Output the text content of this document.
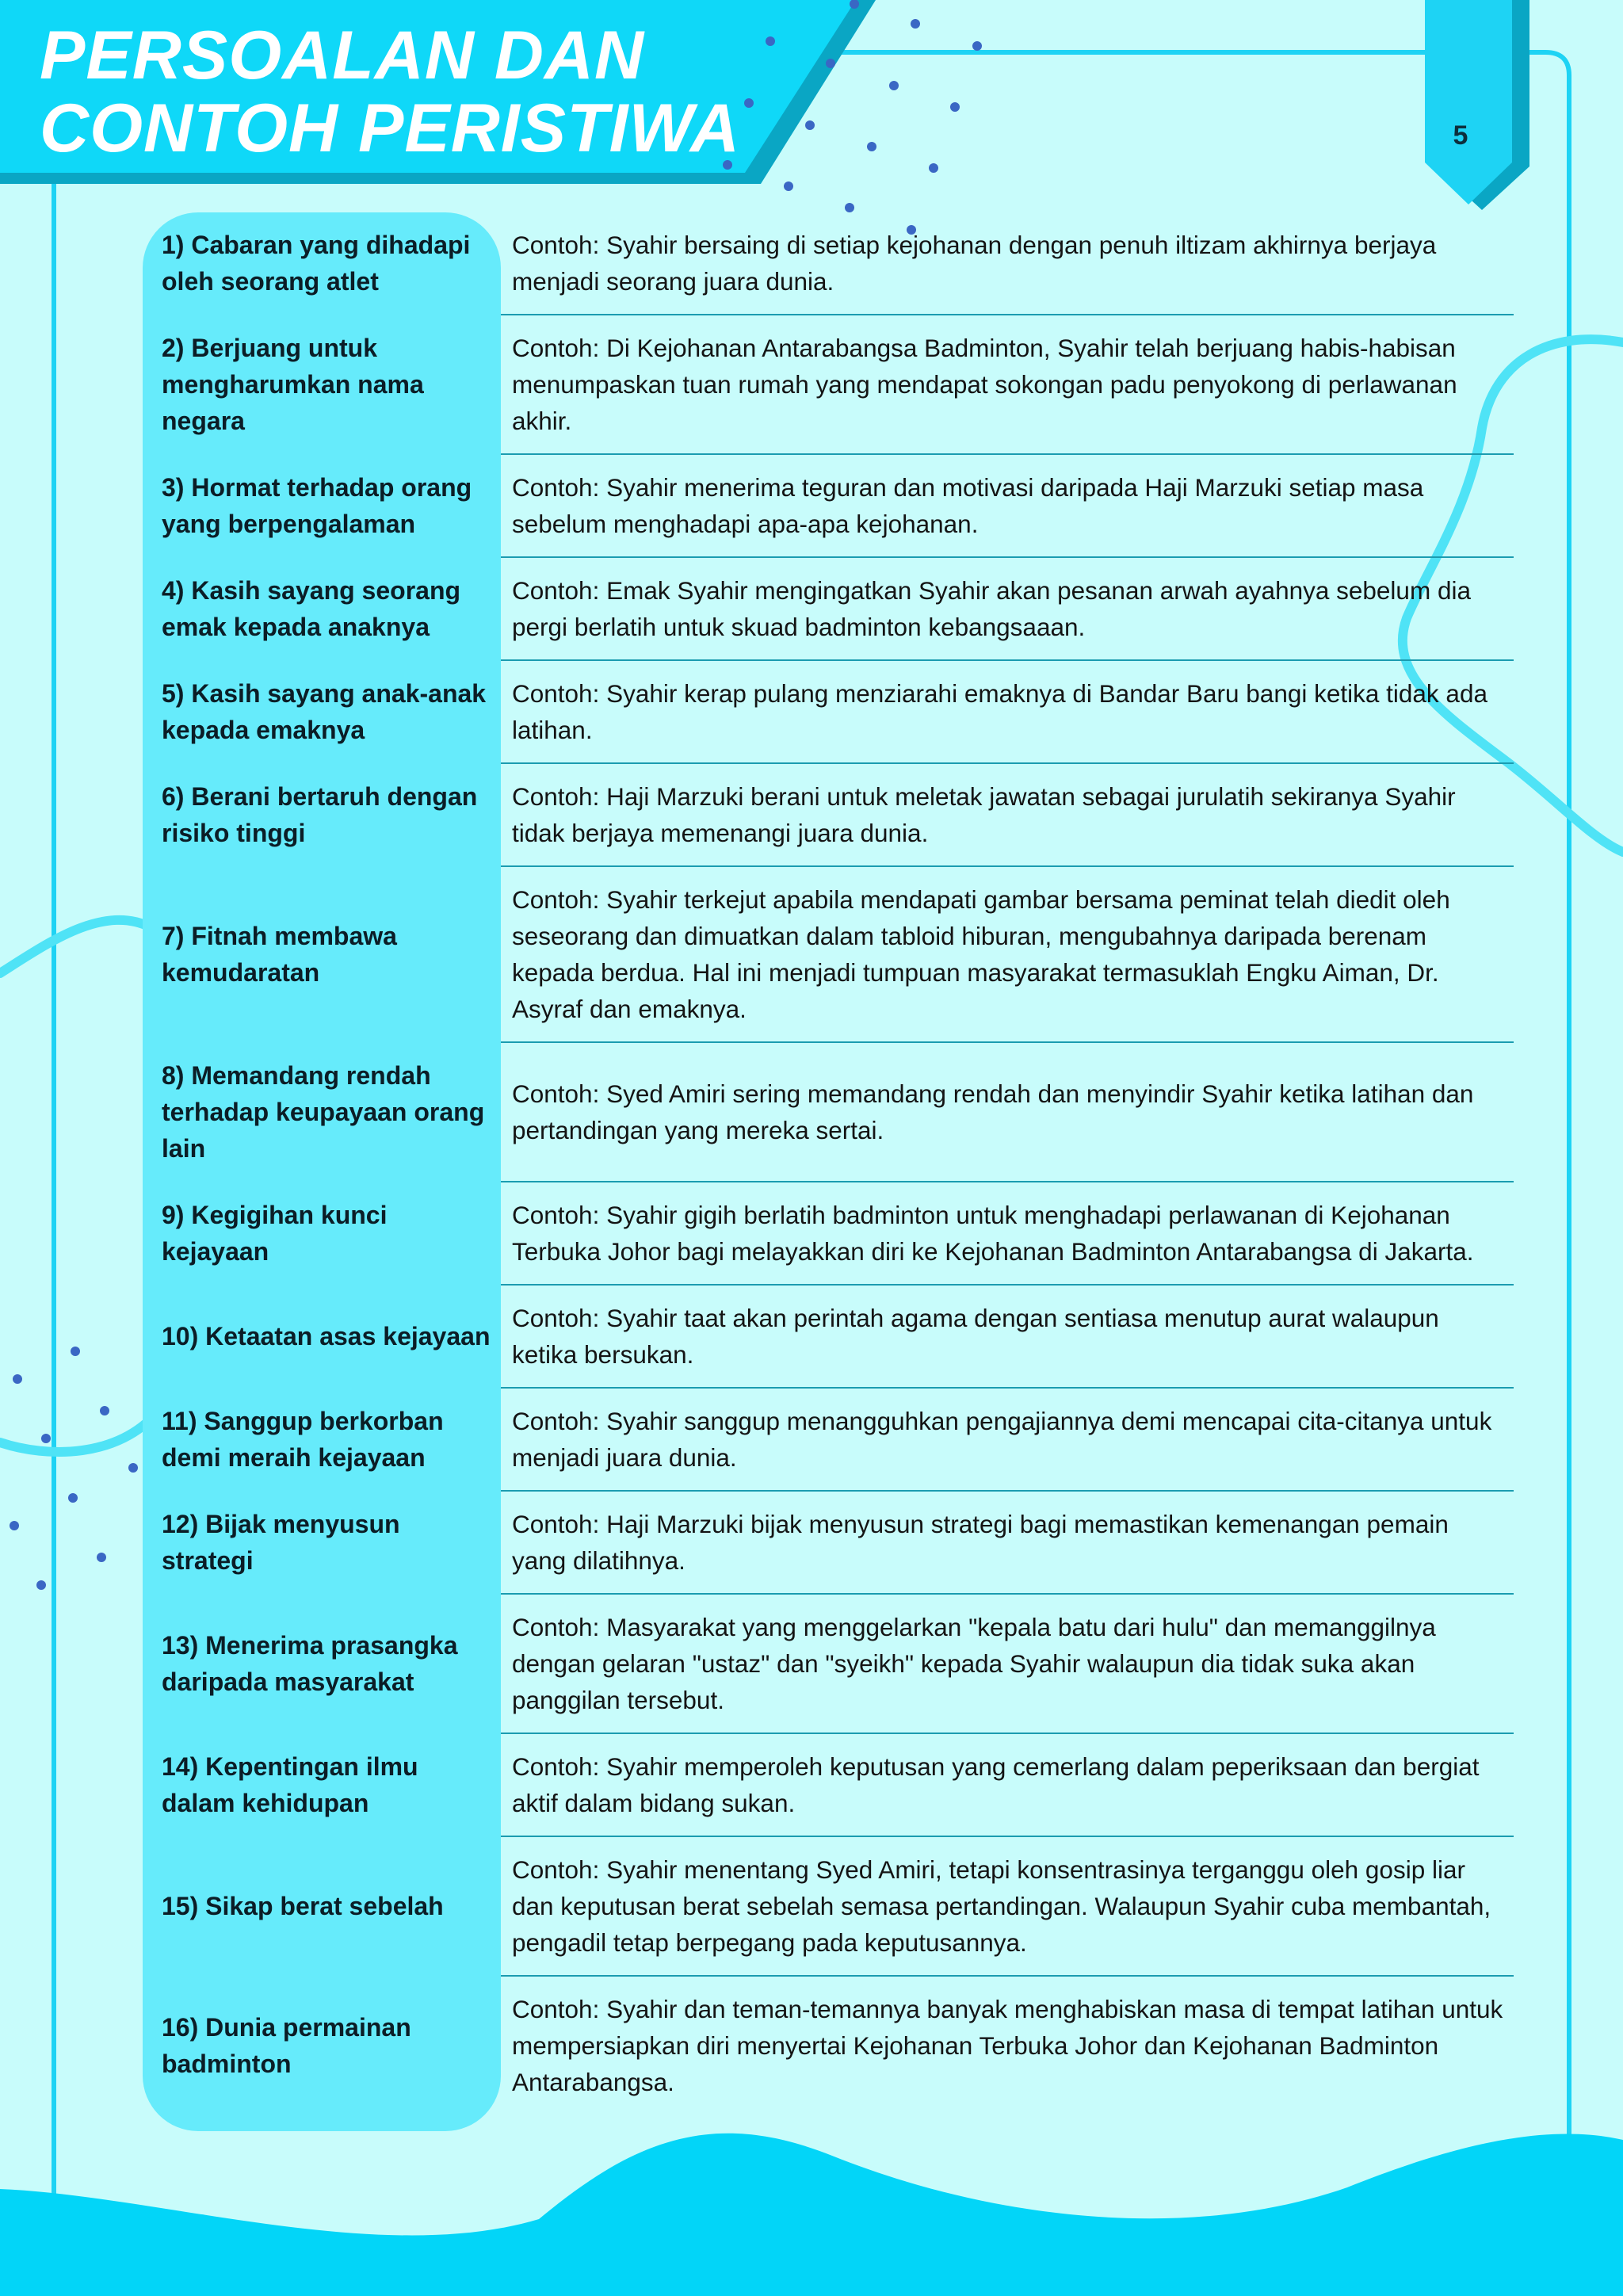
PERSOALAN DAN
CONTOH PERISTIWA	5
1) Cabaran yang dihadapi oleh seorang atlet	Contoh: Syahir bersaing di setiap kejohanan dengan penuh iltizam akhirnya berjaya menjadi seorang juara dunia.
2) Berjuang untuk mengharumkan nama negara	Contoh: Di Kejohanan Antarabangsa Badminton, Syahir telah berjuang habis-habisan menumpaskan tuan rumah yang mendapat sokongan padu penyokong di perlawanan akhir.
3) Hormat terhadap orang yang berpengalaman	Contoh: Syahir menerima teguran dan motivasi daripada Haji Marzuki setiap masa sebelum menghadapi apa-apa kejohanan.
4) Kasih sayang seorang emak kepada anaknya	Contoh: Emak Syahir mengingatkan Syahir akan pesanan arwah ayahnya sebelum dia pergi berlatih untuk skuad badminton kebangsaaan.
5) Kasih sayang anak-anak kepada emaknya	Contoh: Syahir kerap pulang menziarahi emaknya di Bandar Baru bangi ketika tidak ada latihan.
6) Berani bertaruh dengan risiko tinggi	Contoh: Haji Marzuki berani untuk meletak jawatan sebagai jurulatih sekiranya Syahir tidak berjaya memenangi juara dunia.
7) Fitnah membawa kemudaratan	Contoh: Syahir terkejut apabila mendapati gambar bersama peminat telah diedit oleh seseorang dan dimuatkan dalam tabloid hiburan, mengubahnya daripada berenam kepada berdua. Hal ini menjadi tumpuan masyarakat termasuklah Engku Aiman, Dr. Asyraf dan emaknya.
8) Memandang rendah terhadap keupayaan orang lain	Contoh: Syed Amiri sering memandang rendah dan menyindir Syahir ketika latihan dan pertandingan yang mereka sertai.
9) Kegigihan kunci kejayaan	Contoh: Syahir gigih berlatih badminton untuk menghadapi perlawanan di Kejohanan Terbuka Johor bagi melayakkan diri ke Kejohanan Badminton Antarabangsa di Jakarta.
10) Ketaatan asas kejayaan	Contoh: Syahir taat akan perintah agama dengan sentiasa menutup aurat walaupun ketika bersukan.
11) Sanggup berkorban demi meraih kejayaan	Contoh: Syahir sanggup menangguhkan pengajiannya demi mencapai cita-citanya untuk menjadi juara dunia.
12) Bijak menyusun strategi	Contoh: Haji Marzuki bijak menyusun strategi bagi memastikan kemenangan pemain yang dilatihnya.
13) Menerima prasangka daripada masyarakat	Contoh: Masyarakat yang menggelarkan "kepala batu dari hulu" dan memanggilnya dengan gelaran "ustaz" dan "syeikh" kepada Syahir walaupun dia tidak suka akan panggilan tersebut.
14) Kepentingan ilmu dalam kehidupan	Contoh: Syahir memperoleh keputusan yang cemerlang dalam peperiksaan dan bergiat aktif dalam bidang sukan.
15) Sikap berat sebelah	Contoh: Syahir menentang Syed Amiri, tetapi konsentrasinya terganggu oleh gosip liar dan keputusan berat sebelah semasa pertandingan. Walaupun Syahir cuba membantah, pengadil tetap berpegang pada keputusannya.
16) Dunia permainan badminton	Contoh: Syahir dan teman-temannya banyak menghabiskan masa di tempat latihan untuk mempersiapkan diri menyertai Kejohanan Terbuka Johor dan Kejohanan Badminton Antarabangsa.
